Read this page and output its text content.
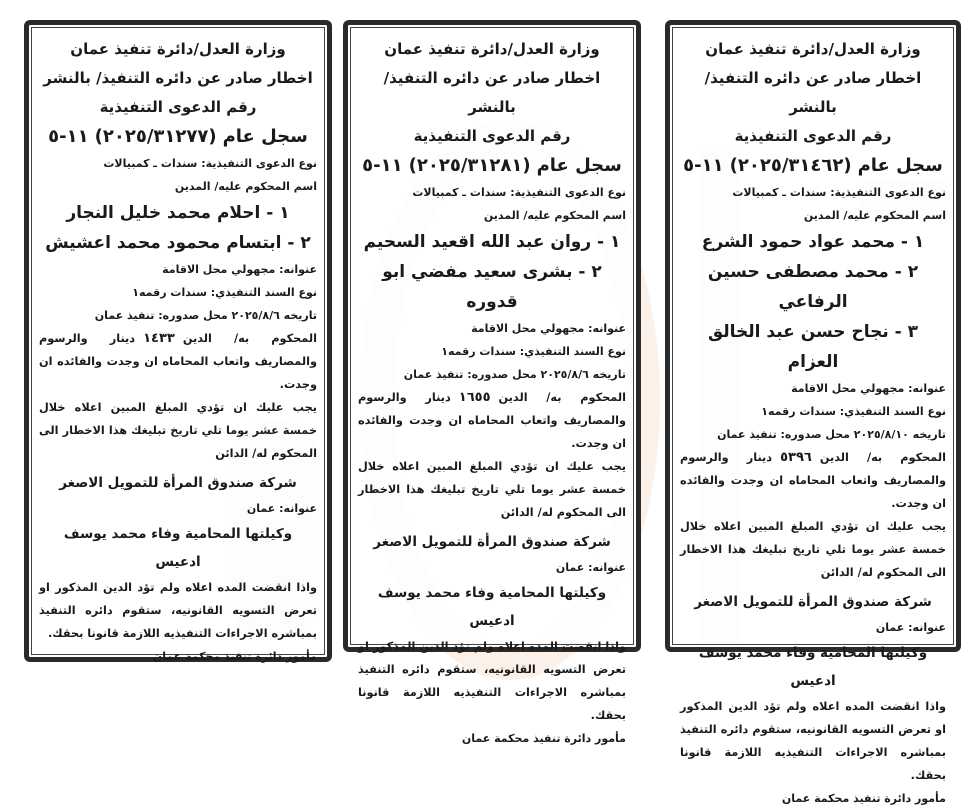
وزارة العدل/دائرة تنفيذ عمان
اخطار صادر عن دائره التنفيذ/ بالنشر
رقم الدعوى التنفيذية
سجل عام
(٢٠٢٥/٣١٤٦٢)
١١-٥
نوع الدعوى التنفيذية: سندات ـ كمبيالات
اسم المحكوم عليه/ المدين
١ - محمد عواد حمود الشرع
٢ - محمد مصطفى حسين الرفاعي
٣ - نجاح حسن عبد الخالق العزام
عنوانه: مجهولي محل الاقامة
نوع السند التنفيذي: سندات رقمه١
تاريخه ٢٠٢٥/٨/١٠ محل صدوره: تنفيذ عمان
المحكوم به/ الدين٥٣٩٦دينار والرسوم والمصاريف واتعاب المحاماه ان وجدت والفائده ان وجدت.
يجب عليك ان تؤدي المبلغ المبين اعلاه خلال خمسة عشر يوما تلي تاريخ تبليغك هذا الاخطار الى المحكوم له/ الدائن
شركة صندوق المرأة للتمويل الاصغر
عنوانه: عمان
وكيلتها المحامية وفاء محمد يوسف ادعيس
واذا انقضت المده اعلاه ولم تؤد الدين المذكور او تعرض التسويه القانونيه، ستقوم دائره التنفيذ بمباشره الاجراءات التنفيذيه اللازمة قانونا بحقك.
مأمور دائرة تنفيذ محكمة عمان
وزارة العدل/دائرة تنفيذ عمان
اخطار صادر عن دائره التنفيذ/ بالنشر
رقم الدعوى التنفيذية
سجل عام
(٢٠٢٥/٣١٢٨١)
١١-٥
نوع الدعوى التنفيذية: سندات ـ كمبيالات
اسم المحكوم عليه/ المدين
١ - روان عبد الله اقعيد السحيم
٢ - بشرى سعيد مفضي ابو قدوره
عنوانه: مجهولي محل الاقامة
نوع السند التنفيذي: سندات رقمه١
تاريخه ٢٠٢٥/٨/٦ محل صدوره: تنفيذ عمان
المحكوم به/ الدين١٦٥٥دينار والرسوم والمصاريف واتعاب المحاماه ان وجدت والفائده ان وجدت.
يجب عليك ان تؤدي المبلغ المبين اعلاه خلال خمسة عشر يوما تلي تاريخ تبليغك هذا الاخطار الى المحكوم له/ الدائن
شركة صندوق المرأة للتمويل الاصغر
عنوانه: عمان
وكيلتها المحامية وفاء محمد يوسف ادعيس
واذا انقضت المده اعلاه ولم تؤد الدين المذكور او تعرض التسويه القانونيه، ستقوم دائره التنفيذ بمباشره الاجراءات التنفيذيه اللازمة قانونا بحقك.
مأمور دائرة تنفيذ محكمة عمان
وزارة العدل/دائرة تنفيذ عمان
اخطار صادر عن دائره التنفيذ/ بالنشر
رقم الدعوى التنفيذية
سجل عام
(٢٠٢٥/٣١٢٧٧)
١١-٥
نوع الدعوى التنفيذية: سندات ـ كمبيالات
اسم المحكوم عليه/ المدين
١ - احلام محمد خليل النجار
٢ - ابتسام محمود محمد اعشيش
عنوانه: مجهولي محل الاقامة
نوع السند التنفيذي: سندات رقمه١
تاريخه ٢٠٢٥/٨/٦ محل صدوره: تنفيذ عمان
المحكوم به/ الدين١٤٣٣دينار والرسوم والمصاريف واتعاب المحاماه ان وجدت والفائده ان وجدت.
يجب عليك ان تؤدي المبلغ المبين اعلاه خلال خمسة عشر يوما تلي تاريخ تبليغك هذا الاخطار الى المحكوم له/ الدائن
شركة صندوق المرأة للتمويل الاصغر
عنوانه: عمان
وكيلتها المحامية وفاء محمد يوسف ادعيس
واذا انقضت المده اعلاه ولم تؤد الدين المذكور او تعرض التسويه القانونيه، ستقوم دائره التنفيذ بمباشره الاجراءات التنفيذيه اللازمة قانونا بحقك.
مأمور دائرة تنفيذ محكمة عمان
